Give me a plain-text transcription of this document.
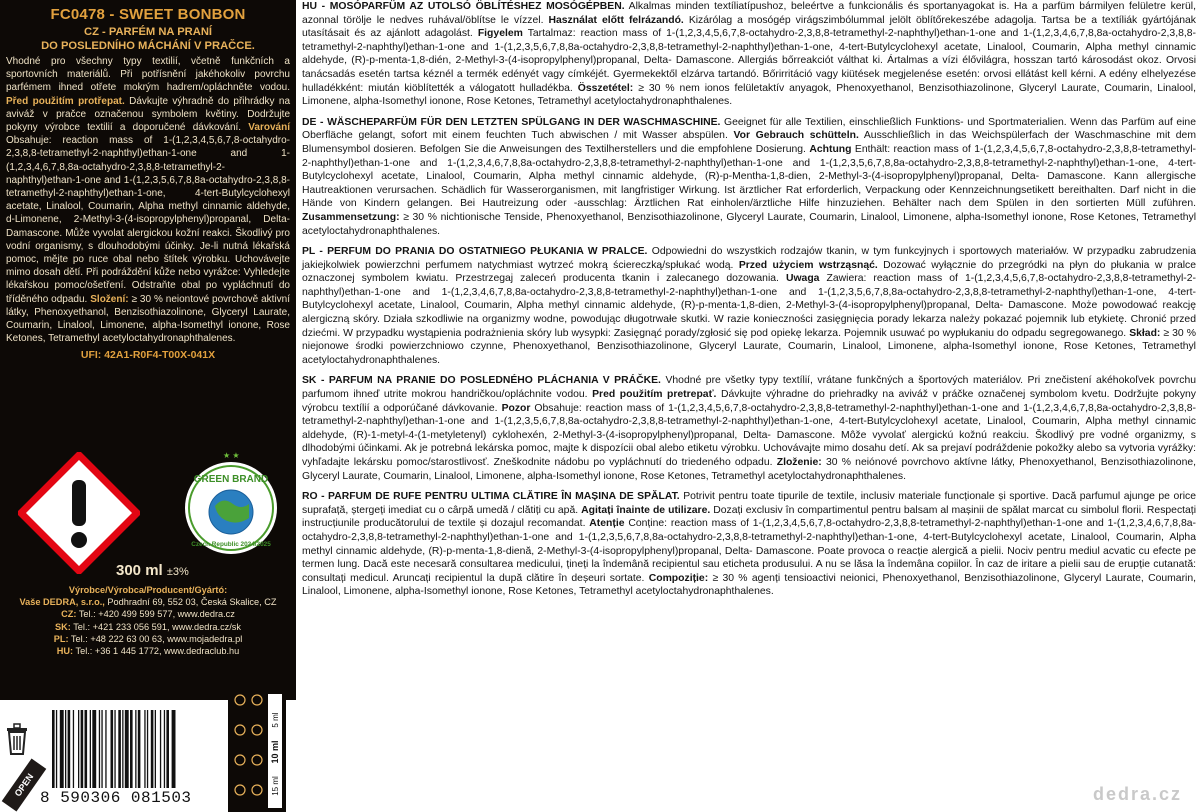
FC0478 - SWEET BONBON
CZ - PARFÉM NA PRANÍ
DO POSLEDNÍHO MÁCHÁNÍ V PRAČCE.
Vhodné pro všechny typy textilií, včetně funkčních a sportovních materiálů. Při potřísnění jakéhokoliv povrchu parfémem ihned otřete mokrým hadrem/opláchněte vodou. Před použitím protřepat. Dávkujte výhradně do přihrádky na aviváž v pračce označenou symbolem květiny. Dodržujte pokyny výrobce textilií a doporučené dávkování. Varování Obsahuje: reaction mass of 1-(1,2,3,4,5,6,7,8-octahydro-2,3,8,8-tetramethyl-2-naphthyl)ethan-1-one and 1-(1,2,3,4,6,7,8,8a-octahydro-2,3,8,8-tetramethyl-2-naphthyl)ethan-1-one and 1-(1,2,3,5,6,7,8,8a-octahydro-2,3,8,8-tetramethyl-2-naphthyl)ethan-1-one, 4-tert-Butylcyclohexyl acetate, Linalool, Coumarin, Alpha methyl cinnamic aldehyde, d-Limonene, 2-Methyl-3-(4-isopropylphenyl)propanal, Delta- Damascone. Může vyvolat alergickou kožní reakci. Škodlivý pro vodní organismy, s dlouhodobými účinky. Je-li nutná lékařská pomoc, mějte po ruce obal nebo štítek výrobku. Uchovávejte mimo dosah dětí. Při podráždění kůže nebo vyrážce: Vyhledejte lékařskou pomoc/ošetření. Odstraňte obal po vypláchnutí do tříděného odpadu. Složení: ≥ 30 % neiontové povrchově aktivní látky, Phenoxyethanol, Benzisothiazolinone, Glyceryl Laurate, Coumarin, Linalool, Limonene, alpha-Isomethyl ionone, Rose Ketones, Tetramethyl acetyloctahydronaphthalenes.
UFI: 42A1-R0F4-T00X-041X
★ ★
GREEN BRAND
Czech Republic 2024/2025
300 ml ±3%
Výrobce/Výrobca/Producent/Gyártó:
Vaše DEDRA, s.r.o., Podhradní 69, 552 03, Česká Skalice, CZ
CZ: Tel.: +420 499 599 577, www.dedra.cz
SK: Tel.: +421 233 056 591, www.dedra.cz/sk
PL: Tel.: +48 222 63 00 63, www.mojadedra.pl
HU: Tel.: +36 1 445 1772, www.dedraclub.hu
OPEN 8 590306 081503
5 ml
10 ml
15 ml
HU - MOSÓPARFÜM AZ UTOLSÓ ÖBLÍTÉSHEZ MOSÓGÉPBEN. Alkalmas minden textíliatípushoz, beleértve a funkcionális és sportanyagokat is. Ha a parfüm bármilyen felületre kerül, azonnal törölje le nedves ruhával/öblítse le vízzel. Használat előtt felrázandó. Kizárólag a mosógép virágszimbólummal jelölt öblítőrekeszébe adagolja. Tartsa be a textíliák gyártójának utasításait és az ajánlott adagolást. Figyelem Tartalmaz: reaction mass of 1-(1,2,3,4,5,6,7,8-octahydro-2,3,8,8-tetramethyl-2-naphthyl)ethan-1-one and 1-(1,2,3,4,6,7,8,8a-octahydro-2,3,8,8-tetramethyl-2-naphthyl)ethan-1-one and 1-(1,2,3,5,6,7,8,8a-octahydro-2,3,8,8-tetramethyl-2-naphthyl)ethan-1-one, 4-tert-Butylcyclohexyl acetate, Linalool, Coumarin, Alpha methyl cinnamic aldehyde, (R)-p-menta-1,8-dién, 2-Methyl-3-(4-isopropylphenyl)propanal, Delta- Damascone. Allergiás bőrreakciót válthat ki. Ártalmas a vízi élővilágra, hosszan tartó károsodást okoz. Orvosi tanácsadás esetén tartsa kéznél a termék edényét vagy címkéjét. Gyermekektől elzárva tartandó. Bőrirritáció vagy kiütések megjelenése esetén: orvosi ellátást kell kérni. A edény elhelyezése hulladékként: miután kiöblítették a válogatott hulladékba. Összetétel: ≥ 30 % nem ionos felületaktív anyagok, Phenoxyethanol, Benzisothiazolinone, Glyceryl Laurate, Coumarin, Linalool, Limonene, alpha-Isomethyl ionone, Rose Ketones, Tetramethyl acetyloctahydronaphthalenes.
DE - WÄSCHEPARFÜM FÜR DEN LETZTEN SPÜLGANG IN DER WASCHMASCHINE. Geeignet für alle Textilien, einschließlich Funktions- und Sportmaterialien. Wenn das Parfüm auf eine Oberfläche gelangt, sofort mit einem feuchten Tuch abwischen / mit Wasser abspülen. Vor Gebrauch schütteln. Ausschließlich in das Weichspülerfach der Waschmaschine mit dem Blumensymbol dosieren. Befolgen Sie die Anweisungen des Textilherstellers und die empfohlene Dosierung. Achtung Enthält: reaction mass of 1-(1,2,3,4,5,6,7,8-octahydro-2,3,8,8-tetramethyl-2-naphthyl)ethan-1-one and 1-(1,2,3,4,6,7,8,8a-octahydro-2,3,8,8-tetramethyl-2-naphthyl)ethan-1-one and 1-(1,2,3,5,6,7,8,8a-octahydro-2,3,8,8-tetramethyl-2-naphthyl)ethan-1-one, 4-tert-Butylcyclohexyl acetate, Linalool, Coumarin, Alpha methyl cinnamic aldehyde, (R)-p-Mentha-1,8-dien, 2-Methyl-3-(4-isopropylphenyl)propanal, Delta- Damascone. Kann allergische Hautreaktionen verursachen. Schädlich für Wasserorganismen, mit langfristiger Wirkung. Ist ärztlicher Rat erforderlich, Verpackung oder Kennzeichnungsetikett bereithalten. Darf nicht in die Hände von Kindern gelangen. Bei Hautreizung oder -ausschlag: Ärztlichen Rat einholen/ärztliche Hilfe hinzuziehen. Behälter nach dem Spülen in den sortierten Müll zuführen. Zusammensetzung: ≥ 30 % nichtionische Tenside, Phenoxyethanol, Benzisothiazolinone, Glyceryl Laurate, Coumarin, Linalool, Limonene, alpha-Isomethyl ionone, Rose Ketones, Tetramethyl acetyloctahydronaphthalenes.
PL - PERFUM DO PRANIA DO OSTATNIEGO PŁUKANIA W PRALCE. Odpowiedni do wszystkich rodzajów tkanin, w tym funkcyjnych i sportowych materiałów. W przypadku zabrudzenia jakiejkolwiek powierzchni perfumem natychmiast wytrzeć mokrą ściereczką/spłukać wodą. Przed użyciem wstrząsnąć. Dozować wyłącznie do przegródki na płyn do płukania w pralce oznaczonej symbolem kwiatu. Przestrzegaj zaleceń producenta tkanin i zalecanego dozowania. Uwaga Zawiera: reaction mass of 1-(1,2,3,4,5,6,7,8-octahydro-2,3,8,8-tetramethyl-2-naphthyl)ethan-1-one and 1-(1,2,3,4,6,7,8,8a-octahydro-2,3,8,8-tetramethyl-2-naphthyl)ethan-1-one and 1-(1,2,3,5,6,7,8,8a-octahydro-2,3,8,8-tetramethyl-2-naphthyl)ethan-1-one, 4-tert-Butylcyclohexyl acetate, Linalool, Coumarin, Alpha methyl cinnamic aldehyde, (R)-p-menta-1,8-dien, 2-Methyl-3-(4-isopropylphenyl)propanal, Delta- Damascone. Może powodować reakcję alergiczną skóry. Działa szkodliwie na organizmy wodne, powodując długotrwałe skutki. W razie konieczności zasięgnięcia porady lekarza należy pokazać pojemnik lub etykietę. Chronić przed dziećmi. W przypadku wystąpienia podrażnienia skóry lub wysypki: Zasięgnąć porady/zgłosić się pod opiekę lekarza. Pojemnik usuwać po wypłukaniu do odpadu segregowanego. Skład: ≥ 30 % niejonowe środki powierzchniowo czynne, Phenoxyethanol, Benzisothiazolinone, Glyceryl Laurate, Coumarin, Linalool, Limonene, alpha-Isomethyl ionone, Rose Ketones, Tetramethyl acetyloctahydronaphthalenes.
SK - PARFUM NA PRANIE DO POSLEDNÉHO PLÁCHANIA V PRÁČKE. Vhodné pre všetky typy textílií, vrátane funkčných a športových materiálov. Pri znečistení akéhokoľvek povrchu parfumom ihneď utrite mokrou handričkou/opláchnite vodou. Pred použitím pretrepať. Dávkujte výhradne do priehradky na aviváž v práčke označenej symbolom kvetu. Dodržujte pokyny výrobcu textílií a odporúčané dávkovanie. Pozor Obsahuje: reaction mass of 1-(1,2,3,4,5,6,7,8-octahydro-2,3,8,8-tetramethyl-2-naphthyl)ethan-1-one and 1-(1,2,3,4,6,7,8,8a-octahydro-2,3,8,8-tetramethyl-2-naphthyl)ethan-1-one and 1-(1,2,3,5,6,7,8,8a-octahydro-2,3,8,8-tetramethyl-2-naphthyl)ethan-1-one, 4-tert-Butylcyclohexyl acetate, Linalool, Coumarin, Alpha methyl cinnamic aldehyde, (R)-1-metyl-4-(1-metyletenyl) cyklohexén, 2-Methyl-3-(4-isopropylphenyl)propanal, Delta- Damascone. Môže vyvolať alergickú kožnú reakciu. Škodlivý pre vodné organizmy, s dlhodobými účinkami. Ak je potrebná lekárska pomoc, majte k dispozícii obal alebo etiketu výrobku. Uchovávajte mimo dosahu detí. Ak sa prejaví podráždenie pokožky alebo sa vytvoria vyrážky: vyhľadajte lekársku pomoc/starostlivosť. Zneškodnite nádobu po vypláchnutí do triedeného odpadu. Zloženie: 30 % neiónové povrchovo aktívne látky, Phenoxyethanol, Benzisothiazolinone, Glyceryl Laurate, Coumarin, Linalool, Limonene, alpha-Isomethyl ionone, Rose Ketones, Tetramethyl acetyloctahydronaphthalenes.
RO - PARFUM DE RUFE PENTRU ULTIMA CLĂTIRE ÎN MAȘINA DE SPĂLAT. Potrivit pentru toate tipurile de textile, inclusiv materiale funcționale și sportive. Dacă parfumul ajunge pe orice suprafață, ștergeți imediat cu o cârpă umedă / clătiți cu apă. Agitați înainte de utilizare. Dozați exclusiv în compartimentul pentru balsam al mașinii de spălat marcat cu simbolul florii. Respectați instrucțiunile producătorului de textile și dozajul recomandat. Atenție Conține: reaction mass of 1-(1,2,3,4,5,6,7,8-octahydro-2,3,8,8-tetramethyl-2-naphthyl)ethan-1-one and 1-(1,2,3,4,6,7,8,8a-octahydro-2,3,8,8-tetramethyl-2-naphthyl)ethan-1-one and 1-(1,2,3,5,6,7,8,8a-octahydro-2,3,8,8-tetramethyl-2-naphthyl)ethan-1-one, 4-tert-Butylcyclohexyl acetate, Linalool, Coumarin, Alpha methyl cinnamic aldehyde, (R)-p-menta-1,8-dienă, 2-Methyl-3-(4-isopropylphenyl)propanal, Delta- Damascone. Poate provoca o reacție alergică a pielii. Nociv pentru mediul acvatic cu efecte pe termen lung. Dacă este necesară consultarea medicului, țineți la îndemână recipientul sau eticheta produsului. A nu se lăsa la îndemâna copiilor. În caz de iritare a pielii sau de erupție cutanată: consultați medicul. Aruncați recipientul la după clătire în deșeuri sortate. Compoziție: ≥ 30 % agenți tensioactivi neionici, Phenoxyethanol, Benzisothiazolinone, Glyceryl Laurate, Coumarin, Linalool, Limonene, alpha-Isomethyl ionone, Rose Ketones, Tetramethyl acetyloctahydronaphthalenes.
dedra.cz
